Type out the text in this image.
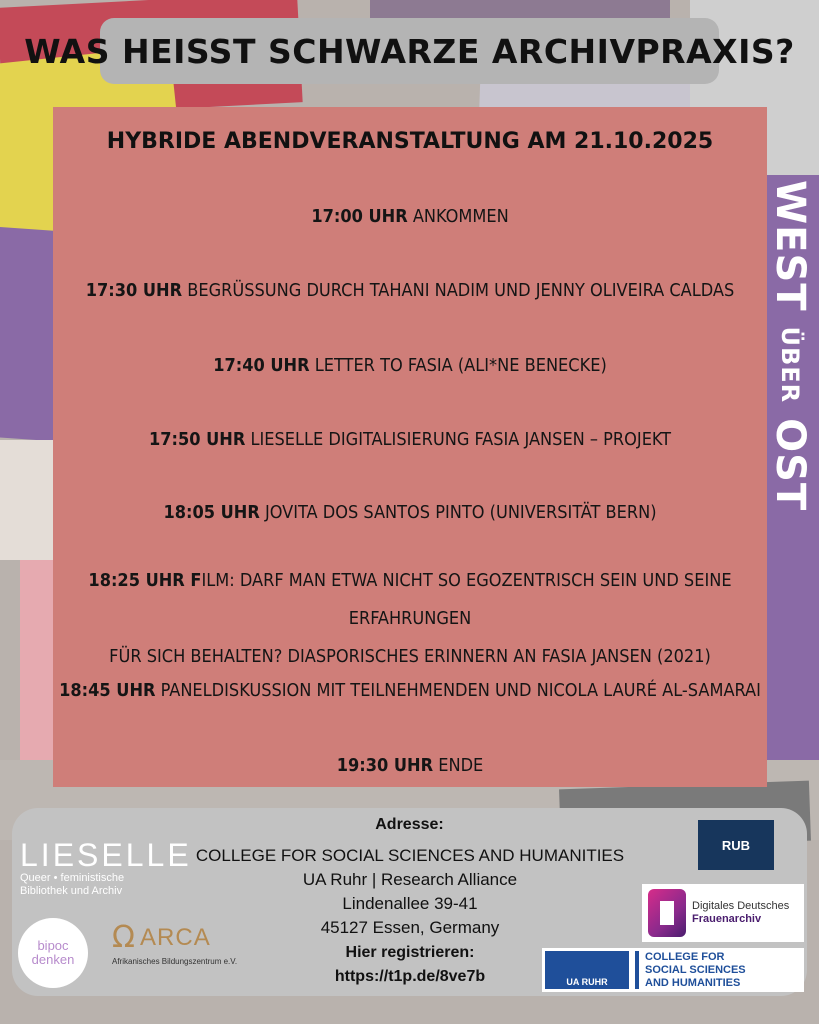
WEST ÜBER OST
WAS HEISST SCHWARZE ARCHIVPRAXIS?
HYBRIDE ABENDVERANSTALTUNG AM 21.10.2025
17:00 UHR ANKOMMEN
17:30 UHR BEGRÜSSUNG DURCH TAHANI NADIM UND JENNY OLIVEIRA CALDAS
17:40 UHR LETTER TO FASIA (ALI*NE BENECKE)
17:50 UHR LIESELLE DIGITALISIERUNG FASIA JANSEN – PROJEKT
18:05 UHR JOVITA DOS SANTOS PINTO (UNIVERSITÄT BERN)
18:25 UHR FILM: DARF MAN ETWA NICHT SO EGOZENTRISCH SEIN UND SEINE ERFAHRUNGEN
FÜR SICH BEHALTEN? DIASPORISCHES ERINNERN AN FASIA JANSEN (2021)
18:45 UHR PANELDISKUSSION MIT TEILNEHMENDEN UND NICOLA LAURÉ AL-SAMARAI
19:30 UHR ENDE
Adresse:
COLLEGE FOR SOCIAL SCIENCES AND HUMANITIES
UA Ruhr | Research Alliance
Lindenallee 39-41
45127 Essen, Germany
Hier registrieren:
https://t1p.de/8ve7b
LIESELLE
Queer • feministische
Bibliothek und Archiv
bipoc
denken
Ω ARCA
Afrikanisches Bildungszentrum e.V.
RUB
Digitales Deutsches
Frauenarchiv
UA RUHR
COLLEGE FOR
SOCIAL SCIENCES
AND HUMANITIES
